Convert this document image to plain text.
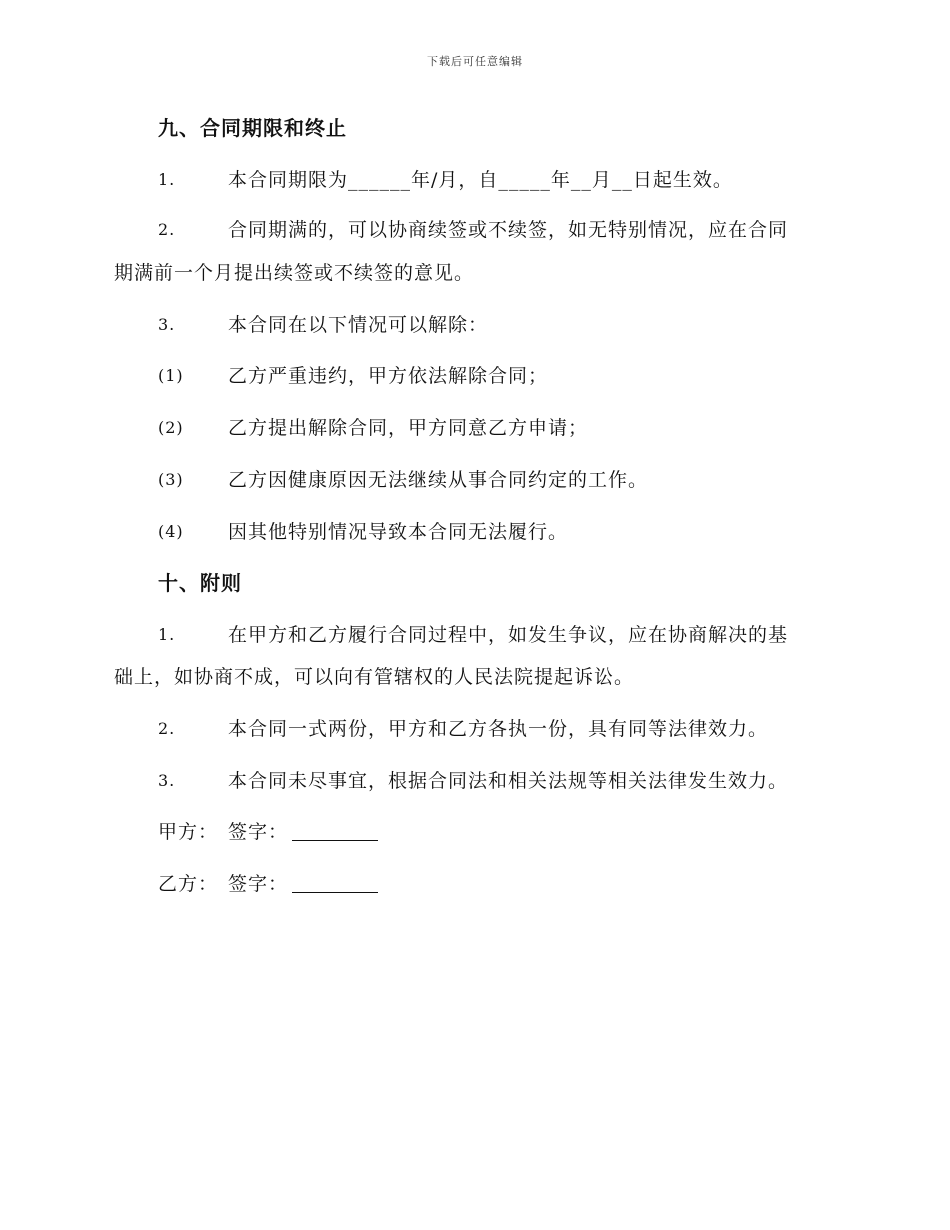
下载后可任意编辑
九、合同期限和终止
1.	本合同期限为______年/月，自_____年__月__日起生效。
2.	合同期满的，可以协商续签或不续签，如无特别情况，应在合同
期满前一个月提出续签或不续签的意见。
3.	本合同在以下情况可以解除：
(1) 乙方严重违约，甲方依法解除合同；
(2) 乙方提出解除合同，甲方同意乙方申请；
(3) 乙方因健康原因无法继续从事合同约定的工作。
(4) 因其他特别情况导致本合同无法履行。
十、附则
1.	在甲方和乙方履行合同过程中，如发生争议，应在协商解决的基
础上，如协商不成，可以向有管辖权的人民法院提起诉讼。
2.	本合同一式两份，甲方和乙方各执一份，具有同等法律效力。
3.	本合同未尽事宜，根据合同法和相关法规等相关法律发生效力。
甲方： 签字：
乙方： 签字：
